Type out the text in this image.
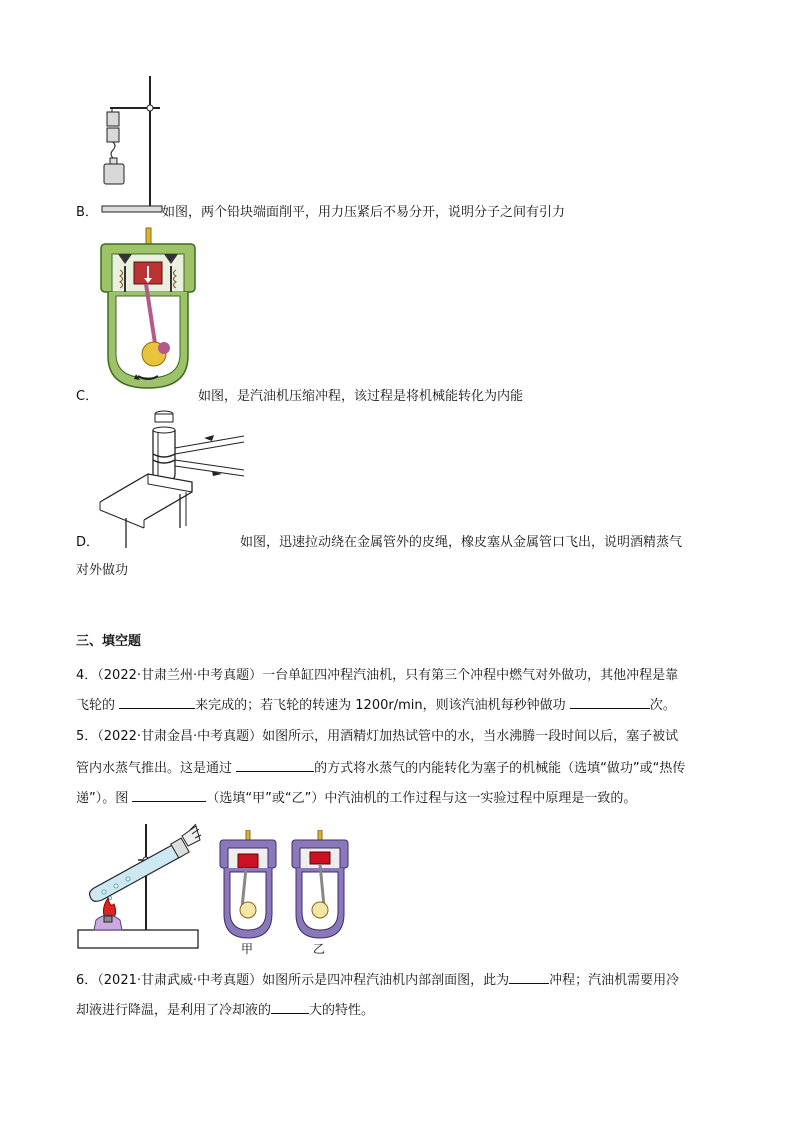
B．	如图，两个铅块端面削平，用力压紧后不易分开，说明分子之间有引力
C．	如图，是汽油机压缩冲程，该过程是将机械能转化为内能
D．	如图，迅速拉动绕在金属管外的皮绳，橡皮塞从金属管口飞出，说明酒精蒸气
对外做功
三、填空题
4．（2022·甘肃兰州·中考真题）一台单缸四冲程汽油机，只有第三个冲程中燃气对外做功，其他冲程是靠
飞轮的	来完成的；若飞轮的转速为 1200r/min，则该汽油机每秒钟做功	次。
5．（2022·甘肃金昌·中考真题）如图所示，用酒精灯加热试管中的水，当水沸腾一段时间以后，塞子被试
管内水蒸气推出。这是通过	的方式将水蒸气的内能转化为塞子的机械能（选填“做功”或“热传
递”）。图	（选填“甲”或“乙”）中汽油机的工作过程与这一实验过程中原理是一致的。
甲	乙
6．（2021·甘肃武威·中考真题）如图所示是四冲程汽油机内部剖面图，此为	冲程；汽油机需要用冷
却液进行降温，是利用了冷却液的	大的特性。
